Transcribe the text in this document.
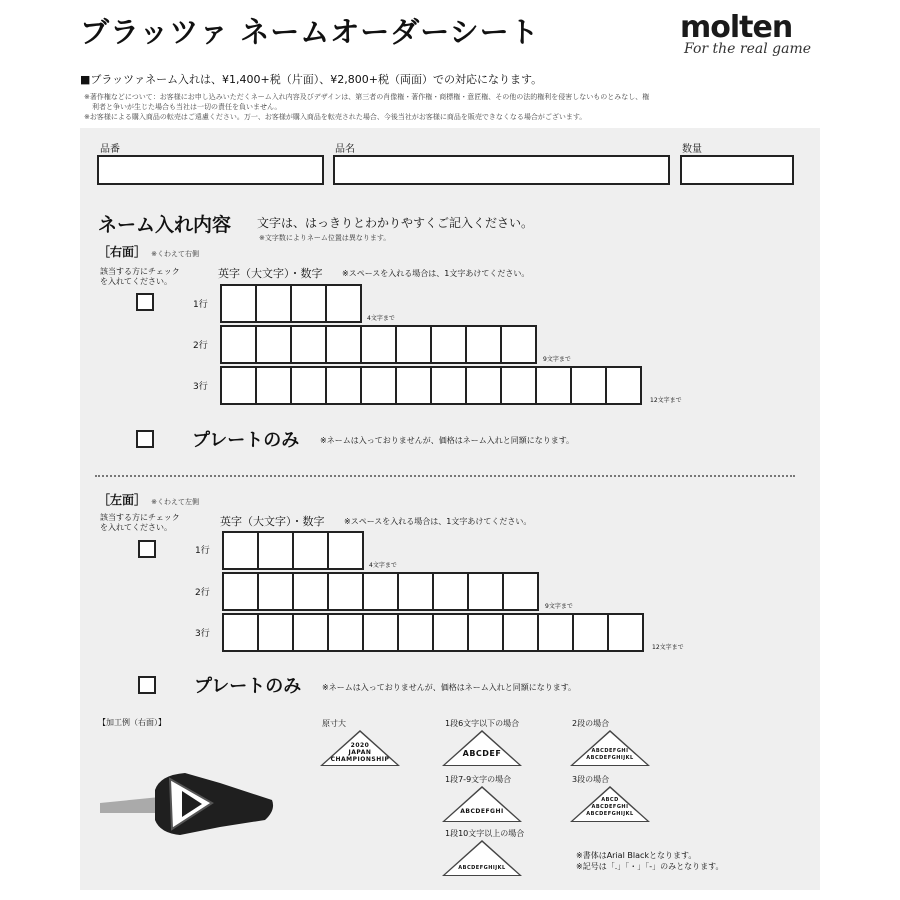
ブラッツァ ネームオーダーシート	molten
For the real game
■ブラッツァネーム入れは、¥1,400+税（片面）、¥2,800+税（両面）での対応になります。
※著作権などについて：お客様にお申し込みいただくネーム入れ内容及びデザインは、第三者の肖像権・著作権・商標権・意匠権、その他の法的権利を侵害しないものとみなし、権
利者と争いが生じた場合も当社は一切の責任を負いません。
※お客様による購入商品の転売はご遠慮ください。万一、お客様が購入商品を転売された場合、今後当社がお客様に商品を販売できなくなる場合がございます。
品番	品名	数量
ネーム入れ内容 文字は、はっきりとわかりやすくご記入ください。
※文字数によりネーム位置は異なります。
［右面］ ※くわえて右側
該当する方にチェック
を入れてください。
英字（大文字）・数字 ※スペースを入れる場合は、1文字あけてください。
1行
4文字まで
2行
9文字まで
3行
12文字まで
プレートのみ	※ネームは入っておりませんが、価格はネーム入れと同額になります。
［左面］ ※くわえて左側
該当する方にチェック
を入れてください。	英字（大文字）・数字 ※スペースを入れる場合は、1文字あけてください。
1行
4文字まで
2行
9文字まで
3行
12文字まで
プレートのみ	※ネームは入っておりませんが、価格はネーム入れと同額になります。
【加工例（右面）】	原寸大
2020
JAPAN
CHAMPIONSHIP
1段6文字以下の場合
ABCDEF
2段の場合
ABCDEFGHI
ABCDEFGHIJKL
1段7-9文字の場合
ABCDEFGHI
3段の場合
ABCD
ABCDEFGHI
ABCDEFGHIJKL
1段10文字以上の場合
ABCDEFGHIJKL
※書体はArial Blackとなります。
※記号は「.」「・」「-」のみとなります。
